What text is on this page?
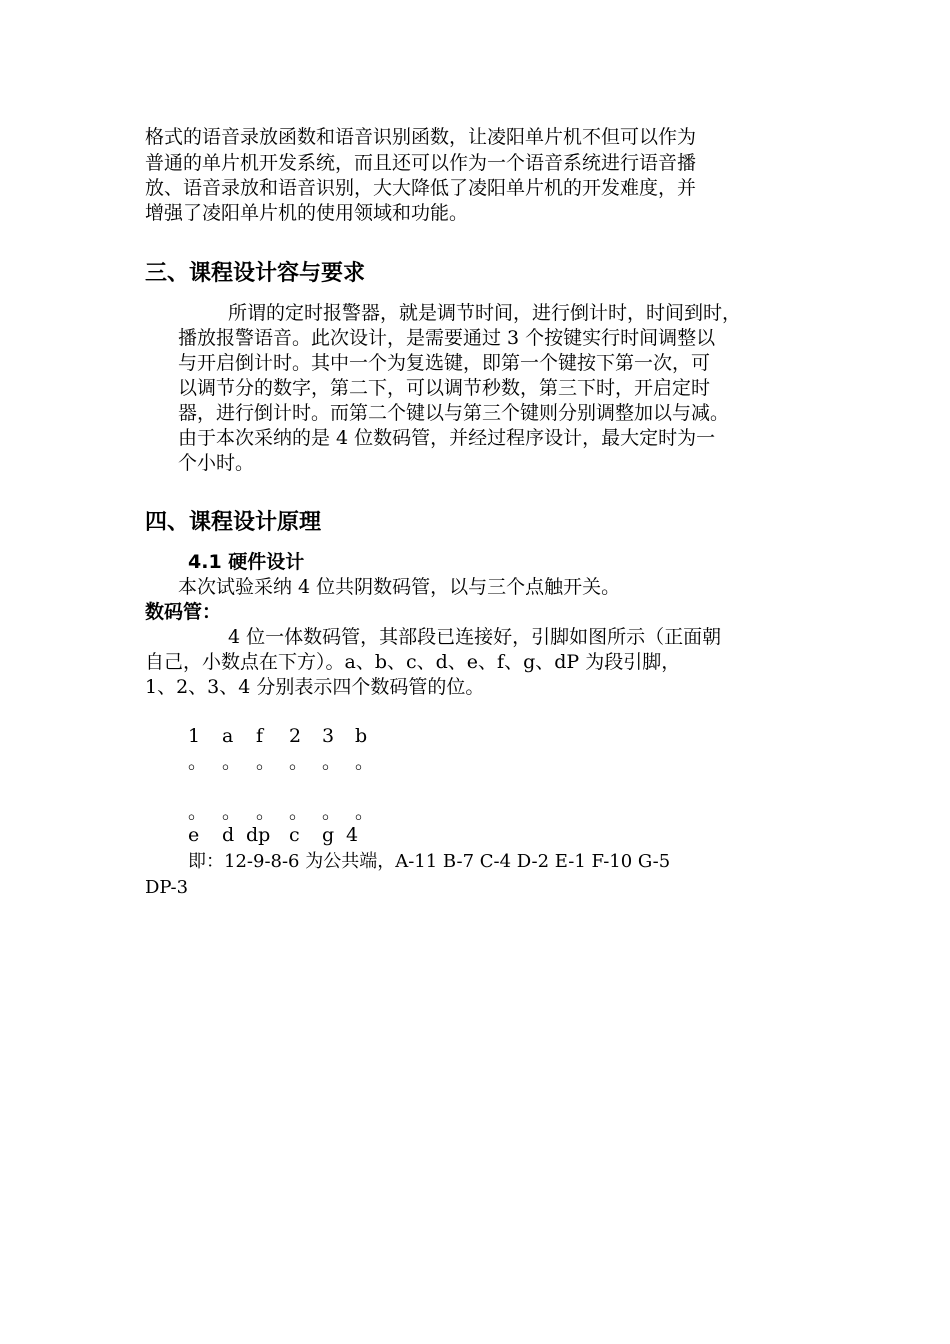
格式的语音录放函数和语音识别函数，让凌阳单片机不但可以作为
普通的单片机开发系统，而且还可以作为一个语音系统进行语音播
放、语音录放和语音识别，大大降低了凌阳单片机的开发难度，并
增强了凌阳单片机的使用领域和功能。
三、课程设计容与要求
所谓的定时报警器，就是调节时间，进行倒计时，时间到时，
播放报警语音。此次设计，是需要通过 3 个按键实行时间调整以
与开启倒计时。其中一个为复选键，即第一个键按下第一次，可
以调节分的数字，第二下，可以调节秒数，第三下时，开启定时
器，进行倒计时。而第二个键以与第三个键则分别调整加以与减。
由于本次采纳的是 4 位数码管，并经过程序设计，最大定时为一
个小时。
四、课程设计原理
4.1 硬件设计
本次试验采纳 4 位共阴数码管，以与三个点触开关。
数码管：
4 位一体数码管，其部段已连接好，引脚如图所示（正面朝
自己，小数点在下方）。a、b、c、d、e、f、g、dP 为段引脚，
1、2、3、4 分别表示四个数码管的位。
1 a f 2 3 b
。 。 。 。 。 。
。 。 。 。 。 。
e d dp c g 4
即：12-9-8-6 为公共端，A-11 B-7 C-4 D-2 E-1 F-10 G-5
DP-3
